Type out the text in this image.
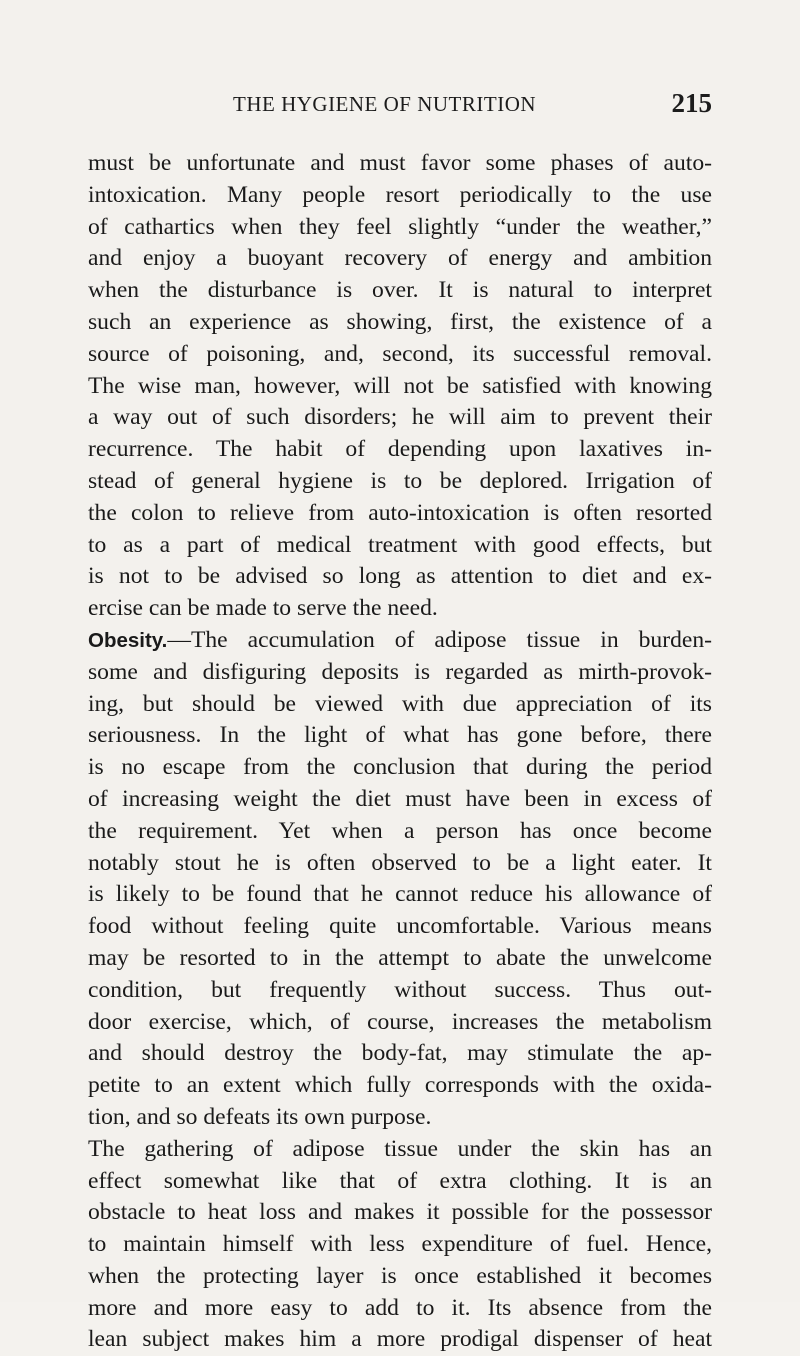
THE HYGIENE OF NUTRITION	215

must be unfortunate and must favor some phases of auto-

intoxication. Many people resort periodically to the use

of cathartics when they feel slightly “under the weather,”

and enjoy a buoyant recovery of energy and ambition

when the disturbance is over. It is natural to interpret

such an experience as showing, first, the existence of a

source of poisoning, and, second, its successful removal.

The wise man, however, will not be satisfied with knowing

a way out of such disorders; he will aim to prevent their

recurrence. The habit of depending upon laxatives in-

stead of general hygiene is to be deplored. Irrigation of

the colon to relieve from auto-intoxication is often resorted

to as a part of medical treatment with good effects, but

is not to be advised so long as attention to diet and ex-

ercise can be made to serve the need.

Obesity.—The accumulation of adipose tissue in burden-

some and disfiguring deposits is regarded as mirth-provok-

ing, but should be viewed with due appreciation of its

seriousness. In the light of what has gone before, there

is no escape from the conclusion that during the period

of increasing weight the diet must have been in excess of

the requirement. Yet when a person has once become

notably stout he is often observed to be a light eater. It

is likely to be found that he cannot reduce his allowance of

food without feeling quite uncomfortable. Various means

may be resorted to in the attempt to abate the unwelcome

condition, but frequently without success. Thus out-

door exercise, which, of course, increases the metabolism

and should destroy the body-fat, may stimulate the ap-

petite to an extent which fully corresponds with the oxida-

tion, and so defeats its own purpose.

The gathering of adipose tissue under the skin has an

effect somewhat like that of extra clothing. It is an

obstacle to heat loss and makes it possible for the possessor

to maintain himself with less expenditure of fuel. Hence,

when the protecting layer is once established it becomes

more and more easy to add to it. Its absence from the

lean subject makes him a more prodigal dispenser of heat
